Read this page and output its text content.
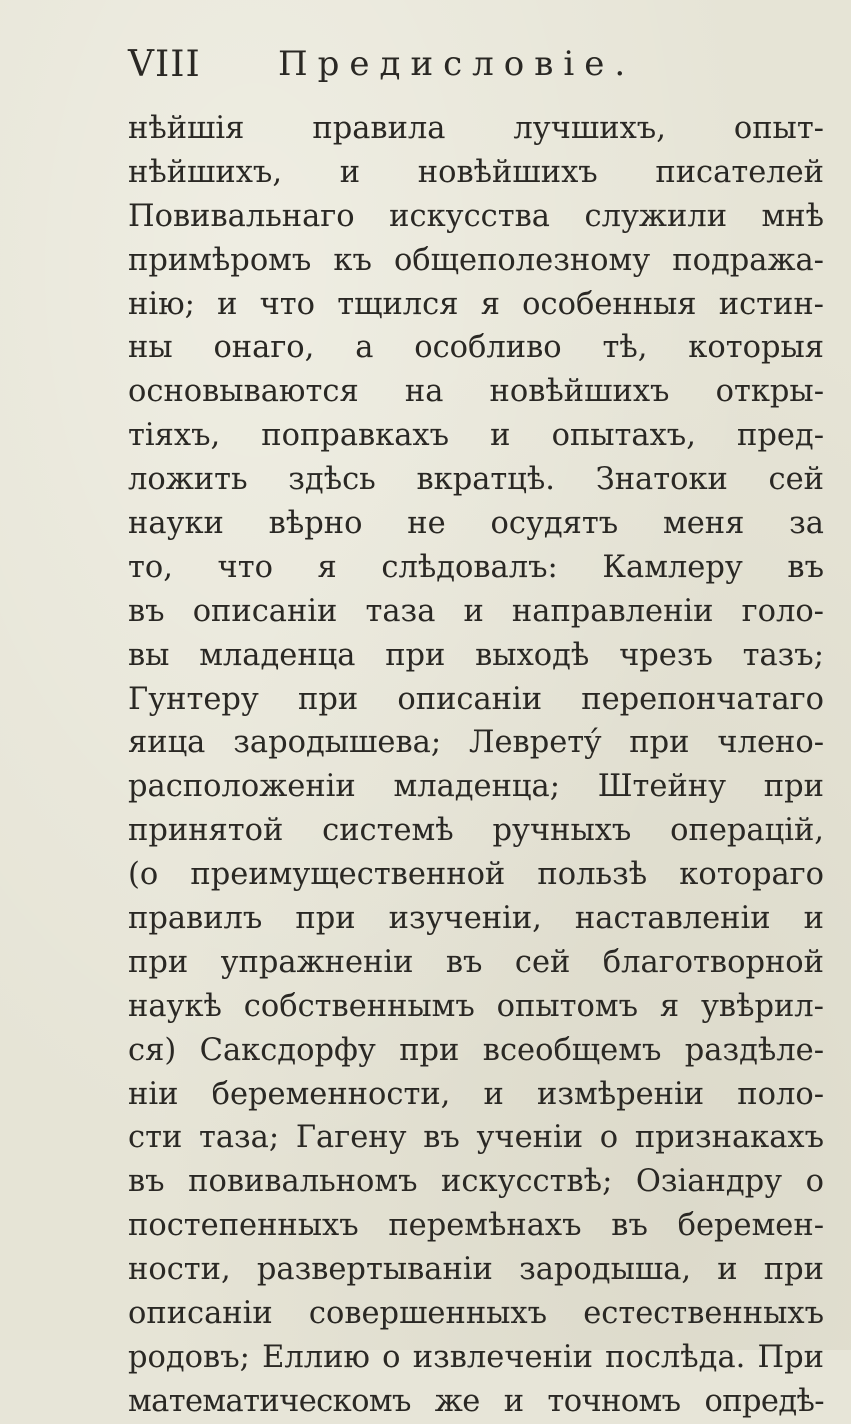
VIII Предисловіе.
нѣйшія правила лучшихъ, опыт-
нѣйшихъ, и новѣйшихъ писателей
Повивальнаго искусства служили мнѣ
примѣромъ къ общеполезному подража-
нію; и что тщился я особенныя истин-
ны онаго, а особливо тѣ, которыя
основываются на новѣйшихъ откры-
тіяхъ, поправкахъ и опытахъ, пред-
ложить здѣсь вкратцѣ. Знатоки сей
науки вѣрно не осудятъ меня за
то, что я слѣдовалъ: Камлеру въ
въ описаніи таза и направленіи голо-
вы младенца при выходѣ чрезъ тазъ;
Гунтеру при описаніи перепончатаго
яица зародышева; Левретý при члено-
расположеніи младенца; Штейну при
принятой системѣ ручныхъ операцій,
(о преимущественной пользѣ котораго
правилъ при изученіи, наставленіи и
при упражненіи въ сей благотворной
наукѣ собственнымъ опытомъ я увѣрил-
ся) Саксдорфу при всеобщемъ раздѣле-
ніи беременности, и измѣреніи поло-
сти таза; Гагену въ ученіи о признакахъ
въ повивальномъ искусствѣ; Озіандру о
постепенныхъ перемѣнахъ въ беремен-
ности, развертываніи зародыша, и при
описаніи совершенныхъ естественныхъ
родовъ; Еллию о извлеченіи послѣда. При
математическомъ же и точномъ опредѣ-
